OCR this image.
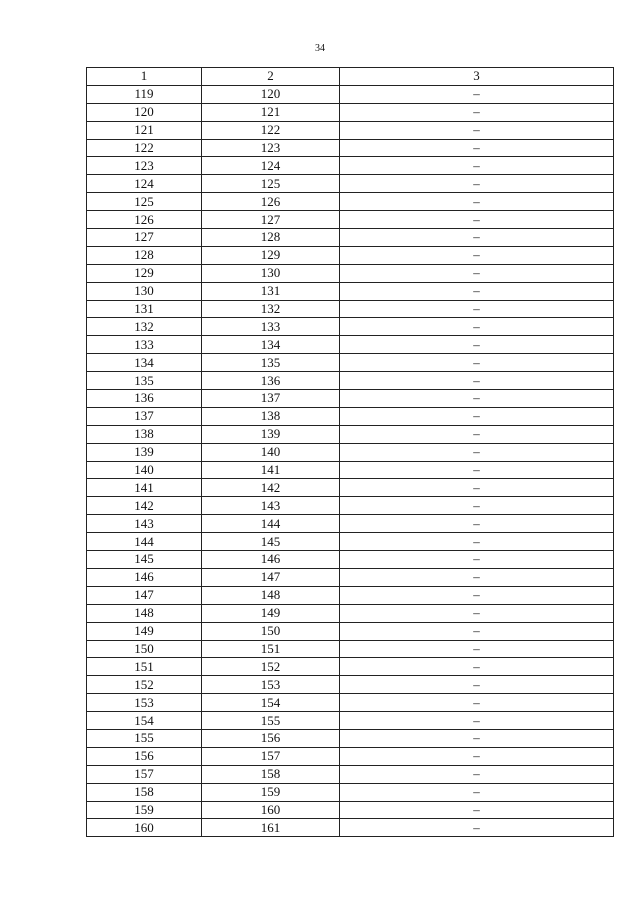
34
1	2	3
119	120	–
120	121	–
121	122	–
122	123	–
123	124	–
124	125	–
125	126	–
126	127	–
127	128	–
128	129	–
129	130	–
130	131	–
131	132	–
132	133	–
133	134	–
134	135	–
135	136	–
136	137	–
137	138	–
138	139	–
139	140	–
140	141	–
141	142	–
142	143	–
143	144	–
144	145	–
145	146	–
146	147	–
147	148	–
148	149	–
149	150	–
150	151	–
151	152	–
152	153	–
153	154	–
154	155	–
155	156	–
156	157	–
157	158	–
158	159	–
159	160	–
160	161	–
